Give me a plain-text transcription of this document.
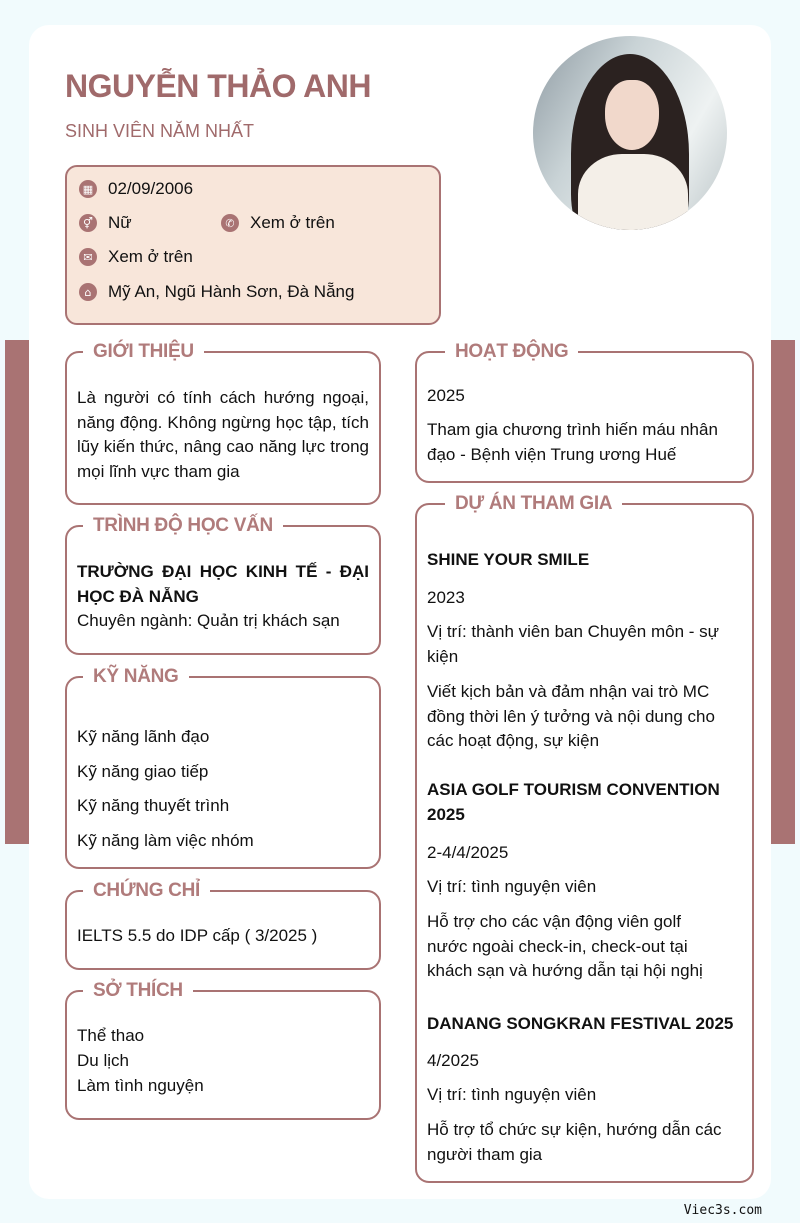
NGUYỄN THẢO ANH
SINH VIÊN NĂM NHẤT
▦ 02/09/2006
⚥ Nữ	✆ Xem ở trên
✉ Xem ở trên
⌂ Mỹ An, Ngũ Hành Sơn, Đà Nẵng
GIỚI THIỆU
Là người có tính cách hướng ngoại, năng động. Không ngừng học tập, tích lũy kiến thức, nâng cao năng lực trong mọi lĩnh vực tham gia
TRÌNH ĐỘ HỌC VẤN
TRƯỜNG ĐẠI HỌC KINH TẾ - ĐẠI HỌC ĐÀ NẴNG
Chuyên ngành: Quản trị khách sạn
KỸ NĂNG
Kỹ năng lãnh đạo
Kỹ năng giao tiếp
Kỹ năng thuyết trình
Kỹ năng làm việc nhóm
CHỨNG CHỈ
IELTS 5.5 do IDP cấp ( 3/2025 )
SỞ THÍCH
Thể thao
Du lịch
Làm tình nguyện
HOẠT ĐỘNG
2025
Tham gia chương trình hiến máu nhân đạo - Bệnh viện Trung ương Huế
DỰ ÁN THAM GIA
SHINE YOUR SMILE
2023
Vị trí: thành viên ban Chuyên môn - sự kiện
Viết kịch bản và đảm nhận vai trò MC đồng thời lên ý tưởng và nội dung cho các hoạt động, sự kiện
ASIA GOLF TOURISM CONVENTION 2025
2-4/4/2025
Vị trí: tình nguyện viên
Hỗ trợ cho các vận động viên golf nước ngoài check-in, check-out tại khách sạn và hướng dẫn tại hội nghị
DANANG SONGKRAN FESTIVAL 2025
4/2025
Vị trí: tình nguyện viên
Hỗ trợ tổ chức sự kiện, hướng dẫn các người tham gia
Viec3s.com
